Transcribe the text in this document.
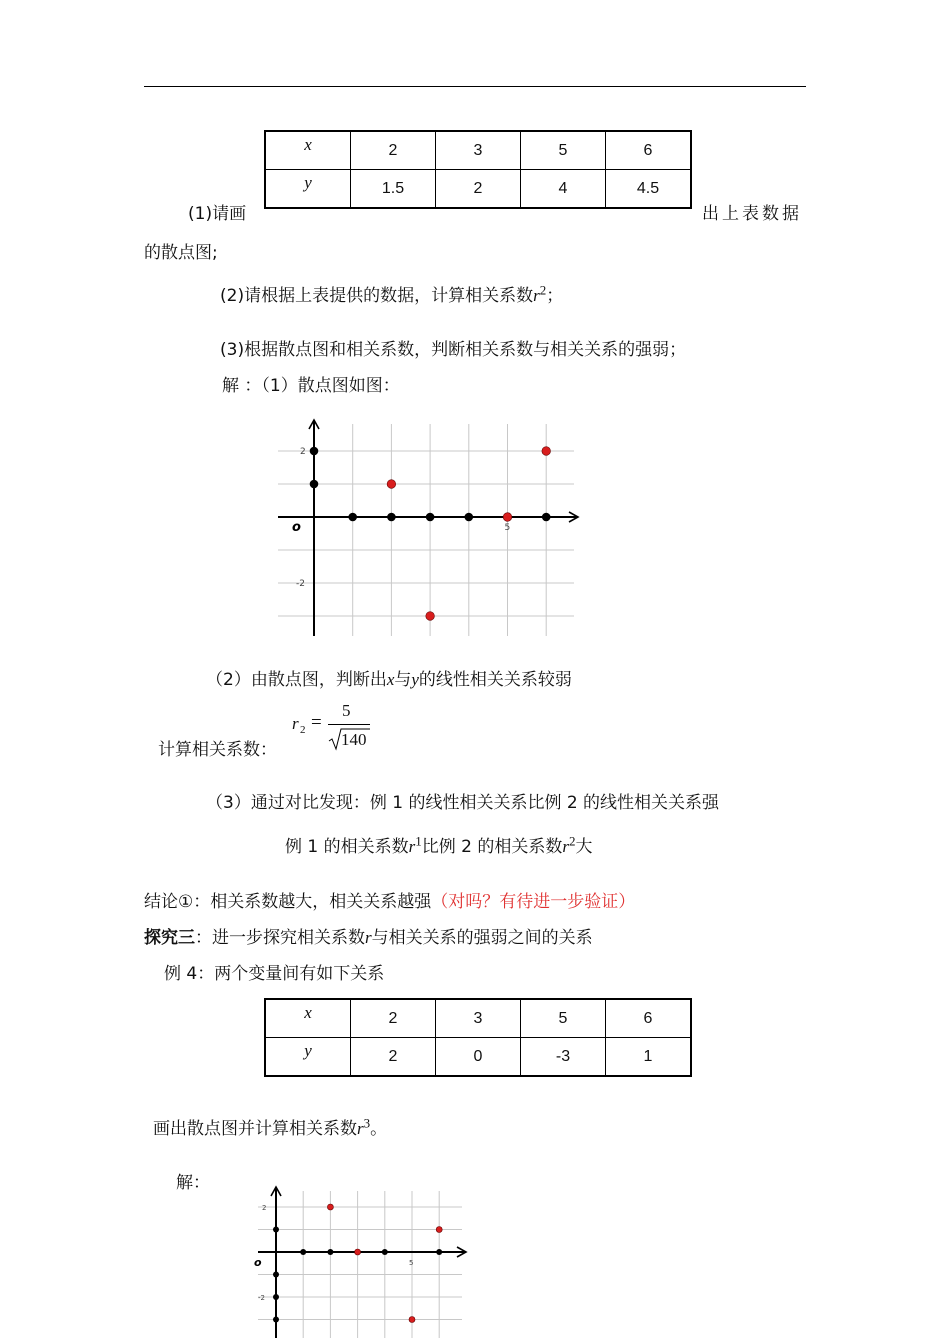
x	2	3	5	6
y	1.5	2	4	4.5
(1)请画	出上表数据
的散点图;
(2)请根据上表提供的数据，计算相关系数$r^2$；
(3)根据散点图和相关系数，判断相关系数与相关关系的强弱；
解 ：（1）散点图如图：
o	5
2
-2
（2）由散点图，判断出x与y的线性相关关系较弱
计算相关系数：
r 2 =
5
140
（3）通过对比发现：例 1 的线性相关关系比例 2 的线性相关关系强
例 1 的相关系数$r^1$比例 2 的相关系数$r^2$大
结论①：相关系数越大，相关关系越强（对吗？有待进一步验证）
探究三：进一步探究相关系数r与相关关系的强弱之间的关系
例 4：两个变量间有如下关系
x	2	3	5	6
y	2	0	-3	1
画出散点图并计算相关系数$r^3$。
解：
o	5
2
-2
